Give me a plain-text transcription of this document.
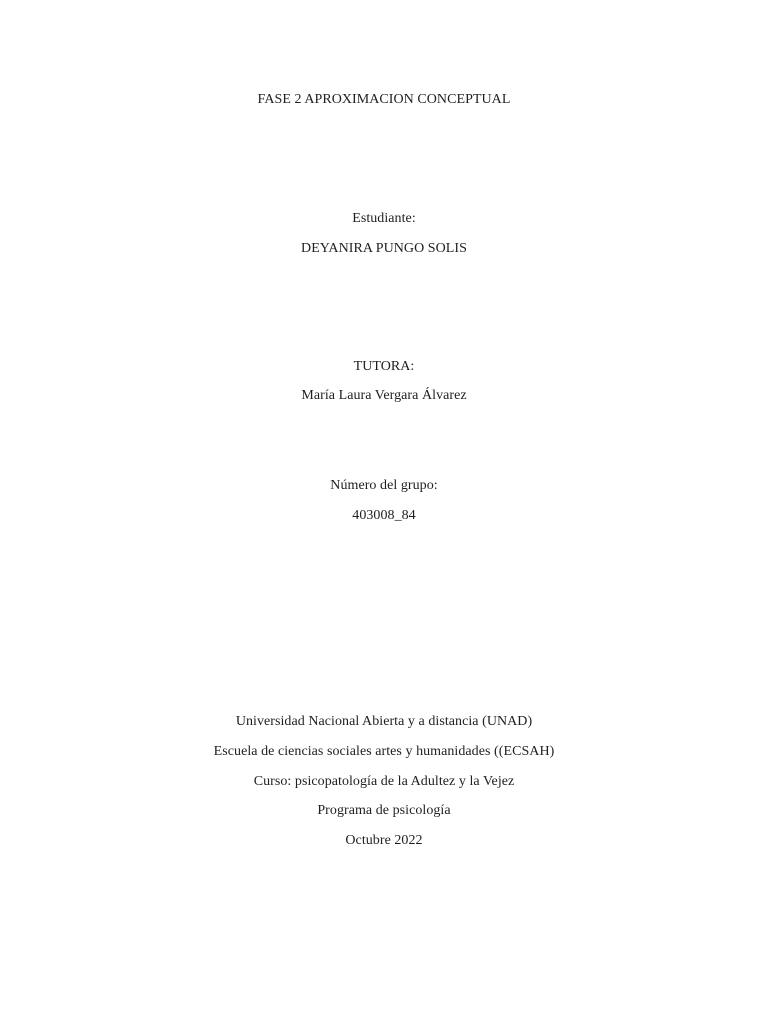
FASE 2 APROXIMACION CONCEPTUAL
Estudiante:
DEYANIRA PUNGO SOLIS
TUTORA:
María Laura Vergara Álvarez
Número del grupo:
403008_84
Universidad Nacional Abierta y a distancia (UNAD)
Escuela de ciencias sociales artes y humanidades ((ECSAH)
Curso: psicopatología de la Adultez y la Vejez
Programa de psicología
Octubre 2022
